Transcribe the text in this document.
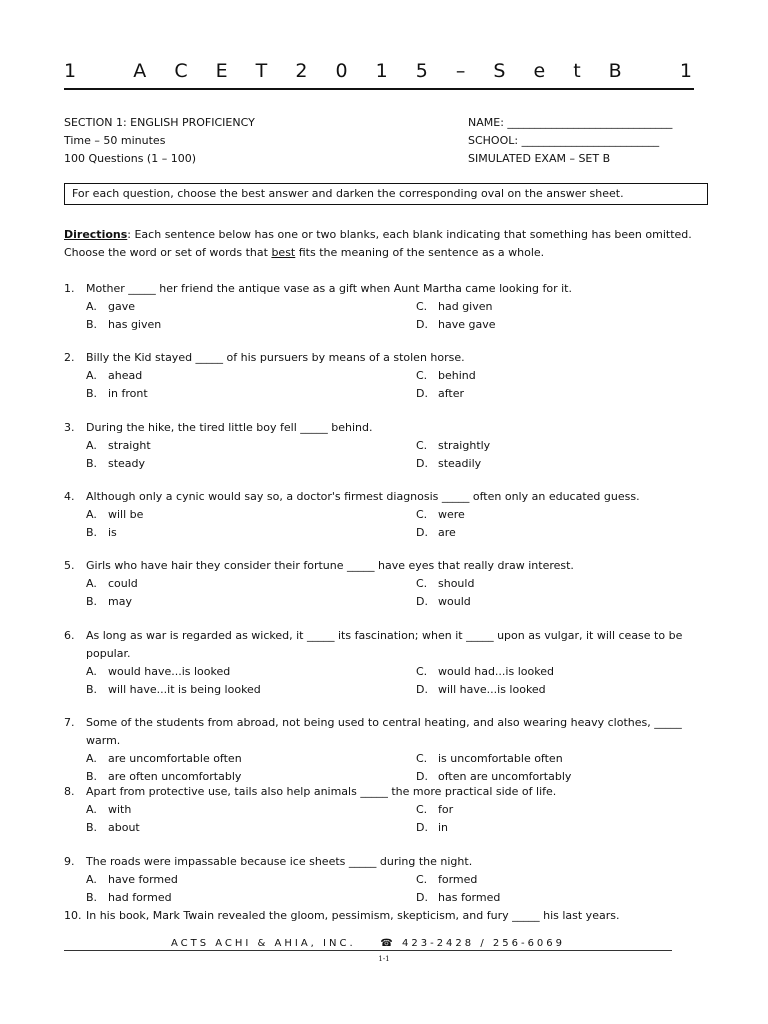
1	A C E T 2 0 1 5 – S e t B	1
SECTION 1: ENGLISH PROFICIENCY
Time – 50 minutes
100 Questions (1 – 100)
NAME: ______________________________
SCHOOL: _________________________
SIMULATED EXAM – SET B
For each question, choose the best answer and darken the corresponding oval on the answer sheet.
Directions: Each sentence below has one or two blanks, each blank indicating that something has been omitted.
Choose the word or set of words that best fits the meaning of the sentence as a whole.
1.	Mother _____ her friend the antique vase as a gift when Aunt Martha came looking for it.
A.	gave	C. had given
B. has given	D. have gave
2.	Billy the Kid stayed _____ of his pursuers by means of a stolen horse.
A.	ahead	C. behind
B. in front	D. after
3.	During the hike, the tired little boy fell _____ behind.
A.	straight	C. straightly
B. steady	D. steadily
4.	Although only a cynic would say so, a doctor's firmest diagnosis _____ often only an educated guess.
A.	will be	C. were
B. is	D. are
5.	Girls who have hair they consider their fortune _____ have eyes that really draw interest.
A.	could	C. should
B. may	D. would
6.	As long as war is regarded as wicked, it _____ its fascination; when it _____ upon as vulgar, it will cease to be popular.
A.	would have...is looked	C. would had...is looked
B. will have...it is being looked	D. will have...is looked
7.	Some of the students from abroad, not being used to central heating, and also wearing heavy clothes, _____ warm.
A.	are uncomfortable often	C. is uncomfortable often
B. are often uncomfortably	D. often are uncomfortably
8.	Apart from protective use, tails also help animals _____ the more practical side of life.
A.	with	C. for
B. about	D. in
9.	The roads were impassable because ice sheets _____ during the night.
A.	have formed	C. formed
B. had formed	D. has formed
10. In his book, Mark Twain revealed the gloom, pessimism, skepticism, and fury _____ his last years.
ACTS ACHI & AHIA, INC. ☎ 423-2428 / 256-6069
1-1
